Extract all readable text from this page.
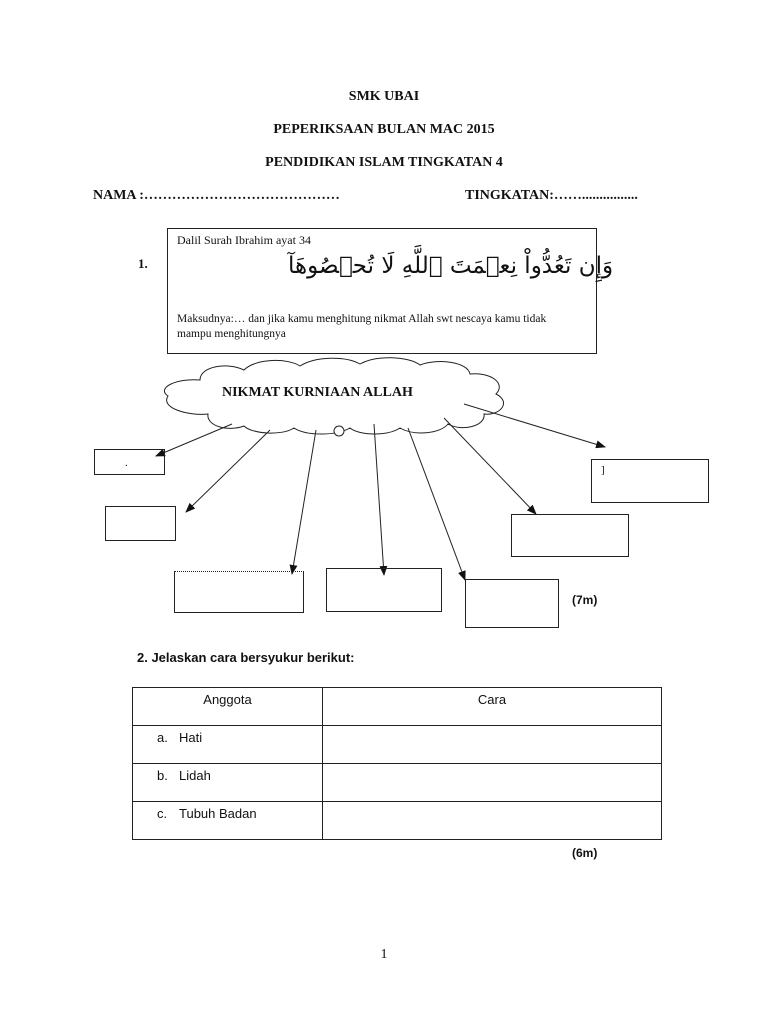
SMK UBAI
PEPERIKSAAN BULAN MAC 2015
PENDIDIKAN ISLAM TINGKATAN 4
NAMA :……………………………………	TINGKATAN:……................
1.
Dalil Surah Ibrahim ayat 34
وَإِن تَعُدُّواْ نِعۡمَتَ ٱللَّهِ لَا تُحۡصُوهَآ
Maksudnya:… dan jika kamu menghitung nikmat Allah swt nescaya kamu tidak mampu menghitungnya
NIKMAT KURNIAAN ALLAH
.
]
(7m)
2. Jelaskan cara bersyukur berikut:
Anggota	Cara
a. Hati	
b. Lidah	
c. Tubuh Badan	
(6m)
1
